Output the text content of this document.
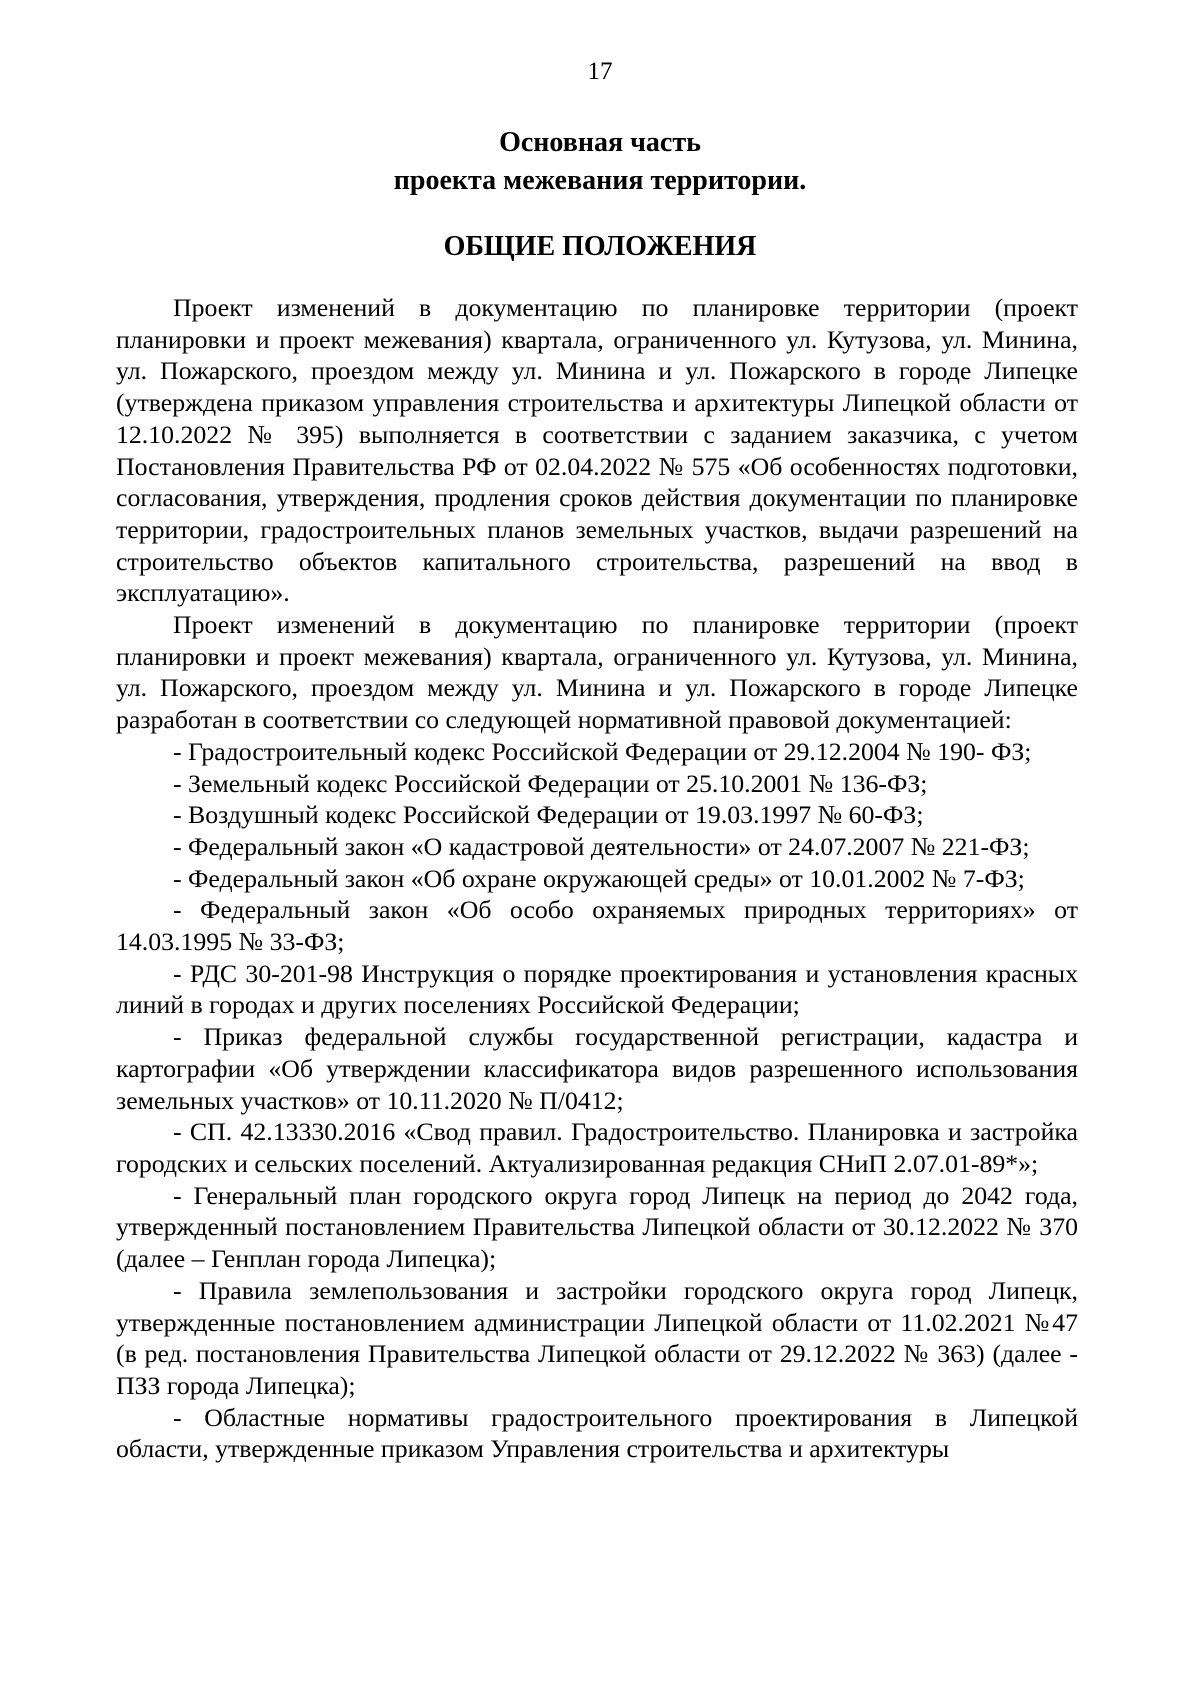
17
Основная часть
проекта межевания территории.
ОБЩИЕ ПОЛОЖЕНИЯ

Проект изменений в документацию по планировке территории (проект планировки и проект межевания) квартала, ограниченного ул. Кутузова, ул. Минина, ул. Пожарского, проездом между ул. Минина и ул. Пожарского в городе Липецке (утверждена приказом управления строительства и архитектуры Липецкой области от 12.10.2022 № 395) выполняется в соответствии с заданием заказчика, с учетом Постановления Правительства РФ от 02.04.2022 № 575 «Об особенностях подготовки, согласования, утверждения, продления сроков действия документации по планировке территории, градостроительных планов земельных участков, выдачи разрешений на строительство объектов капитального строительства, разрешений на ввод в эксплуатацию».

Проект изменений в документацию по планировке территории (проект планировки и проект межевания) квартала, ограниченного ул. Кутузова, ул. Минина, ул. Пожарского, проездом между ул. Минина и ул. Пожарского в городе Липецке разработан в соответствии со следующей нормативной правовой документацией:

- Градостроительный кодекс Российской Федерации от 29.12.2004 № 190- ФЗ;

- Земельный кодекс Российской Федерации от 25.10.2001 № 136-ФЗ;

- Воздушный кодекс Российской Федерации от 19.03.1997 № 60-ФЗ;

- Федеральный закон «О кадастровой деятельности» от 24.07.2007 № 221-ФЗ;

- Федеральный закон «Об охране окружающей среды» от 10.01.2002 № 7-ФЗ;

- Федеральный закон «Об особо охраняемых природных территориях» от 14.03.1995 № 33-ФЗ;

- РДС 30-201-98 Инструкция о порядке проектирования и установления красных линий в городах и других поселениях Российской Федерации;

- Приказ федеральной службы государственной регистрации, кадастра и картографии «Об утверждении классификатора видов разрешенного использования земельных участков» от 10.11.2020 № П/0412;

- СП. 42.13330.2016 «Свод правил. Градостроительство. Планировка и застройка городских и сельских поселений. Актуализированная редакция СНиП 2.07.01-89*»;

- Генеральный план городского округа город Липецк на период до 2042 года, утвержденный постановлением Правительства Липецкой области от 30.12.2022 № 370 (далее – Генплан города Липецка);

- Правила землепользования и застройки городского округа город Липецк, утвержденные постановлением администрации Липецкой области от 11.02.2021 №47 (в ред. постановления Правительства Липецкой области от 29.12.2022 № 363) (далее - ПЗЗ города Липецка);

- Областные нормативы градостроительного проектирования в Липецкой области, утвержденные приказом Управления строительства и архитектуры
